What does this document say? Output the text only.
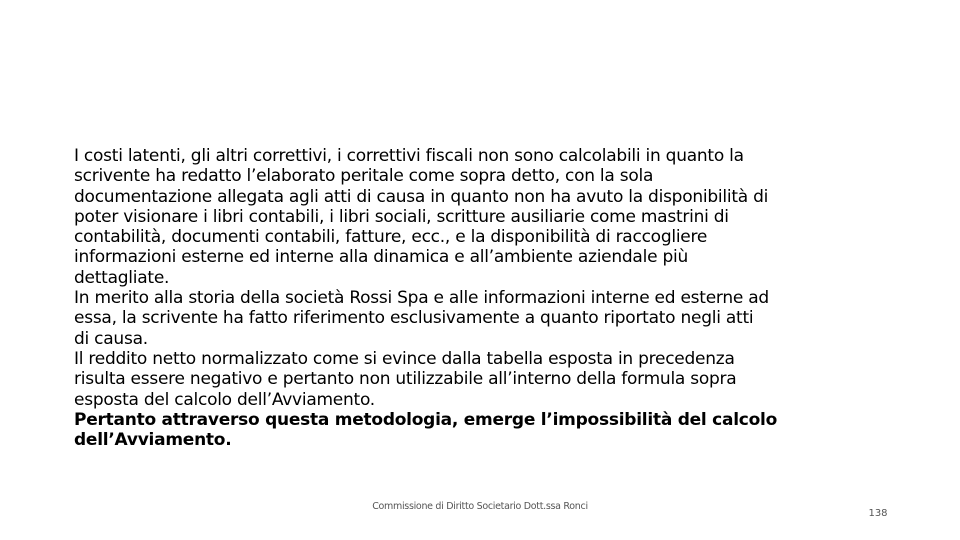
I costi latenti, gli altri correttivi, i correttivi fiscali non sono calcolabili in quanto la
scrivente ha redatto l’elaborato peritale come sopra detto, con la sola
documentazione allegata agli atti di causa in quanto non ha avuto la disponibilità di
poter visionare i libri contabili, i libri sociali, scritture ausiliarie come mastrini di
contabilità, documenti contabili, fatture, ecc., e la disponibilità di raccogliere
informazioni esterne ed interne alla dinamica e all’ambiente aziendale più
dettagliate.

In merito alla storia della società Rossi Spa e alle informazioni interne ed esterne ad
essa, la scrivente ha fatto riferimento esclusivamente a quanto riportato negli atti
di causa.

Il reddito netto normalizzato come si evince dalla tabella esposta in precedenza
risulta essere negativo e pertanto non utilizzabile all’interno della formula sopra
esposta del calcolo dell’Avviamento.

Pertanto attraverso questa metodologia, emerge l’impossibilità del calcolo
dell’Avviamento.

Commissione di Diritto Societario Dott.ssa Ronci
138
